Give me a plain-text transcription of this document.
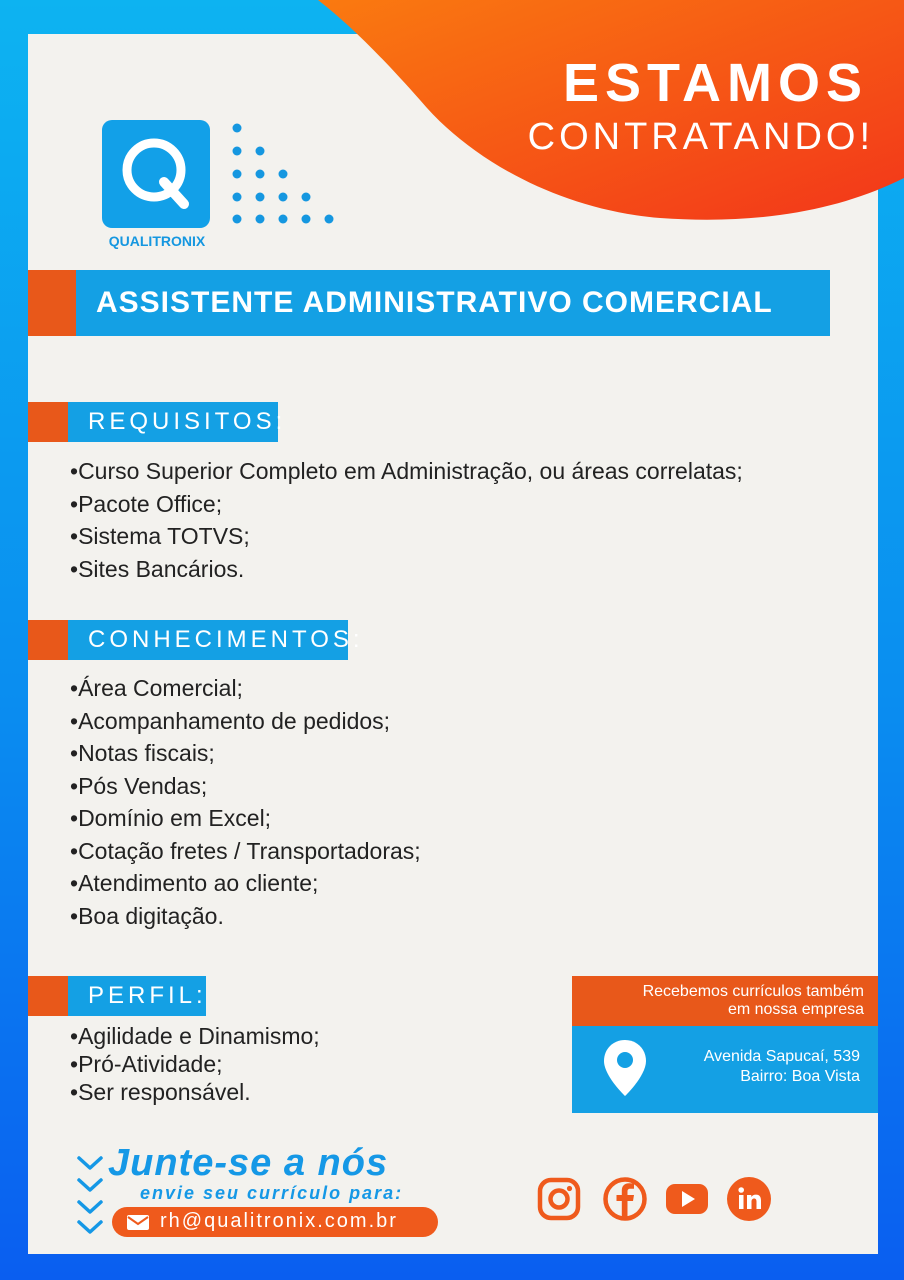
ESTAMOS
CONTRATANDO!
QUALITRONIX
ASSISTENTE ADMINISTRATIVO COMERCIAL
REQUISITOS:
• Curso Superior Completo em Administração, ou áreas correlatas;
• Pacote Office;
• Sistema TOTVS;
• Sites Bancários.
CONHECIMENTOS:
• Área Comercial;
• Acompanhamento de pedidos;
• Notas fiscais;
• Pós Vendas;
• Domínio em Excel;
• Cotação fretes / Transportadoras;
• Atendimento ao cliente;
• Boa digitação.
PERFIL:
• Agilidade e Dinamismo;
• Pró-Atividade;
• Ser responsável.
Recebemos currículos também
em nossa empresa
Avenida Sapucaí, 539
Bairro: Boa Vista
Junte-se a nós
envie seu currículo para:
rh@qualitronix.com.br
